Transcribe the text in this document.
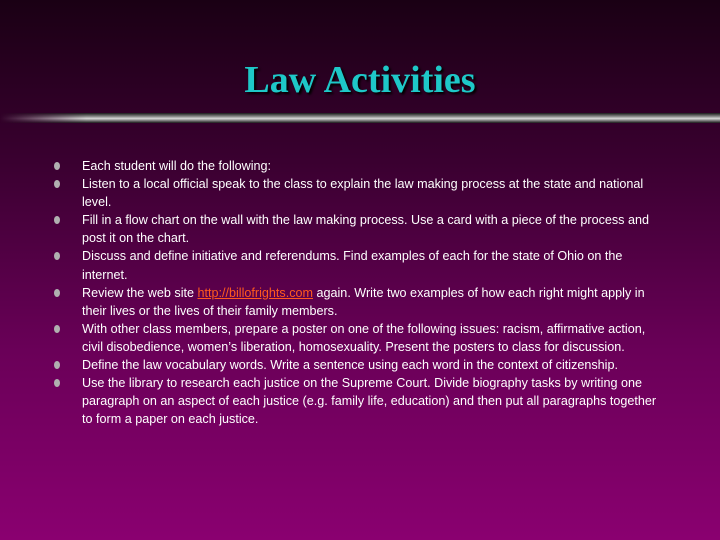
Law Activities
Each student will do the following:
Listen to a local official speak to the class to explain the law making process at the state and national level.
Fill in a flow chart on the wall with the law making process. Use a card with a piece of the process and post it on the chart.
Discuss and define initiative and referendums. Find examples of each for the state of Ohio on the internet.
Review the web site http://billofrights.com again. Write two examples of how each right might apply in their lives or the lives of their family members.
With other class members, prepare a poster on one of the following issues: racism, affirmative action, civil disobedience, women’s liberation, homosexuality. Present the posters to class for discussion.
Define the law vocabulary words. Write a sentence using each word in the context of citizenship.
Use the library to research each justice on the Supreme Court. Divide biography tasks by writing one paragraph on an aspect of each justice (e.g. family life, education) and then put all paragraphs together to form a paper on each justice.
